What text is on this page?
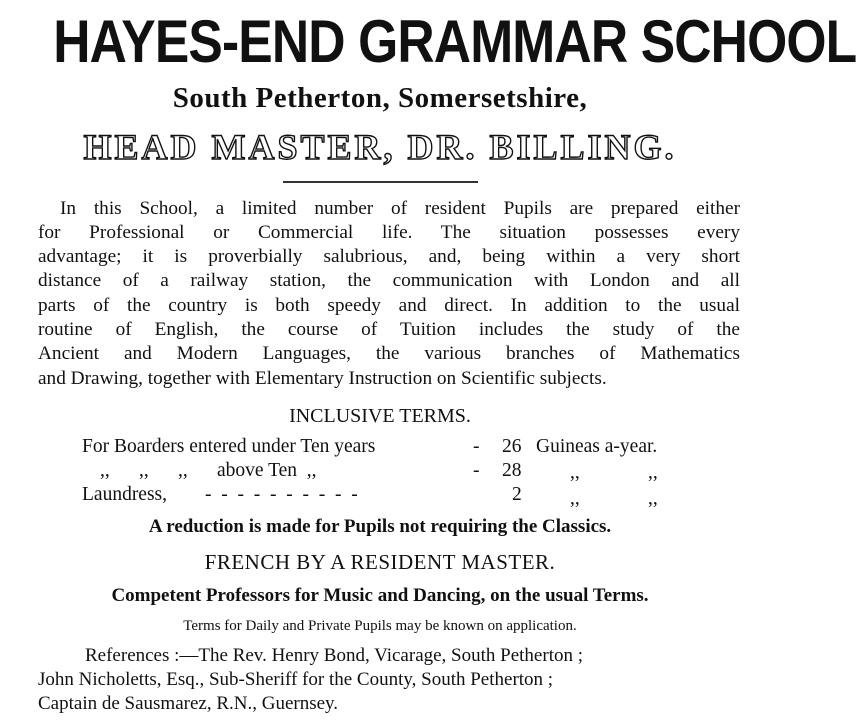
HAYES-END GRAMMAR SCHOOL
South Petherton, Somersetshire,
HEAD MASTER, DR. BILLING.
In this School, a limited number of resident Pupils are prepared either
for Professional or Commercial life. The situation possesses every
advantage; it is proverbially salubrious, and, being within a very short
distance of a railway station, the communication with London and all
parts of the country is both speedy and direct. In addition to the usual
routine of English, the course of Tuition includes the study of the
Ancient and Modern Languages, the various branches of Mathematics
and Drawing, together with Elementary Instruction on Scientific subjects.
INCLUSIVE TERMS.
For Boarders entered under Ten years	- 26 Guineas a-year.
,,      ,,      ,,      above Ten  ,,	- 28 ,,              ,,
Laundress, -  -  -  -  -  -  -  -  -  -	2 ,,              ,,
A reduction is made for Pupils not requiring the Classics.
FRENCH BY A RESIDENT MASTER.
Competent Professors for Music and Dancing, on the usual Terms.
Terms for Daily and Private Pupils may be known on application.
References :—The Rev. Henry Bond, Vicarage, South Petherton ;
John Nicholetts, Esq., Sub-Sheriff for the County, South Petherton ;
Captain de Sausmarez, R.N., Guernsey.
